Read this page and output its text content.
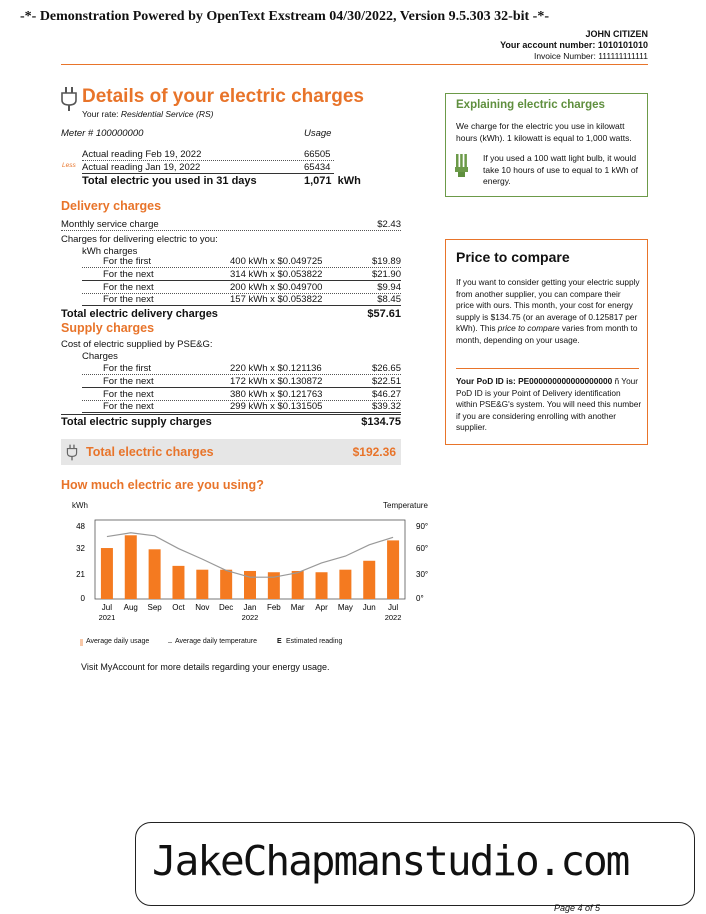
-*- Demonstration Powered by OpenText Exstream 04/30/2022, Version 9.5.303 32-bit -*-
JOHN CITIZEN
Your account number: 1010101010
Invoice Number: 111111111111
Details of your electric charges
Your rate: Residential Service (RS)
Meter # 100000000	Usage
Actual reading Feb 19, 2022	66505
Less Actual reading Jan 19, 2022	65434
Total electric you used in 31 days	1,071 kWh
Delivery charges
Monthly service charge	$2.43
Charges for delivering electric to you:
kWh charges
For the first	400 kWh x $0.049725	$19.89

For the next	314 kWh x $0.053822	$21.90

For the next	200 kWh x $0.049700	$9.94

For the next	157 kWh x $0.053822	$8.45

Total electric delivery charges	$57.61
Supply charges
Cost of electric supplied by PSE&G:
Charges
For the first	220 kWh x $0.121136	$26.65

For the next	172 kWh x $0.130872	$22.51

For the next	380 kWh x $0.121763	$46.27

For the next	299 kWh x $0.131505	$39.32

Total electric supply charges	$134.75
Total electric charges	$192.36
Explaining electric charges
We charge for the electric you use in kilowatt hours (kWh). 1 kilowatt is equal to 1,000 watts.
If you used a 100 watt light bulb, it would take 10 hours of use to equal to 1 kWh of energy.
Price to compare
If you want to consider getting your electric supply from another supplier, you can compare their price with ours. This month, your cost for energy supply is $134.75 (or an average of 0.125817 per kWh). This price to compare varies from month to month, depending on your usage.
Your PoD ID is: PE000000000000000000 ñ Your PoD ID is your Point of Delivery identification within PSE&G's system. You will need this number if you are considering enrolling with another supplier.
How much electric are you using?
kWh	Temperature
48
32
21
0
90°
60°
30°
0°
Jul
2021
Aug Sep Oct Nov Dec Jan
2022
Feb Mar Apr May Jun Jul
2022
Average daily usage	Average daily temperature	E Estimated reading
Visit MyAccount for more details regarding your energy usage.
JakeChapmanstudio.com
Page 4 of 5
